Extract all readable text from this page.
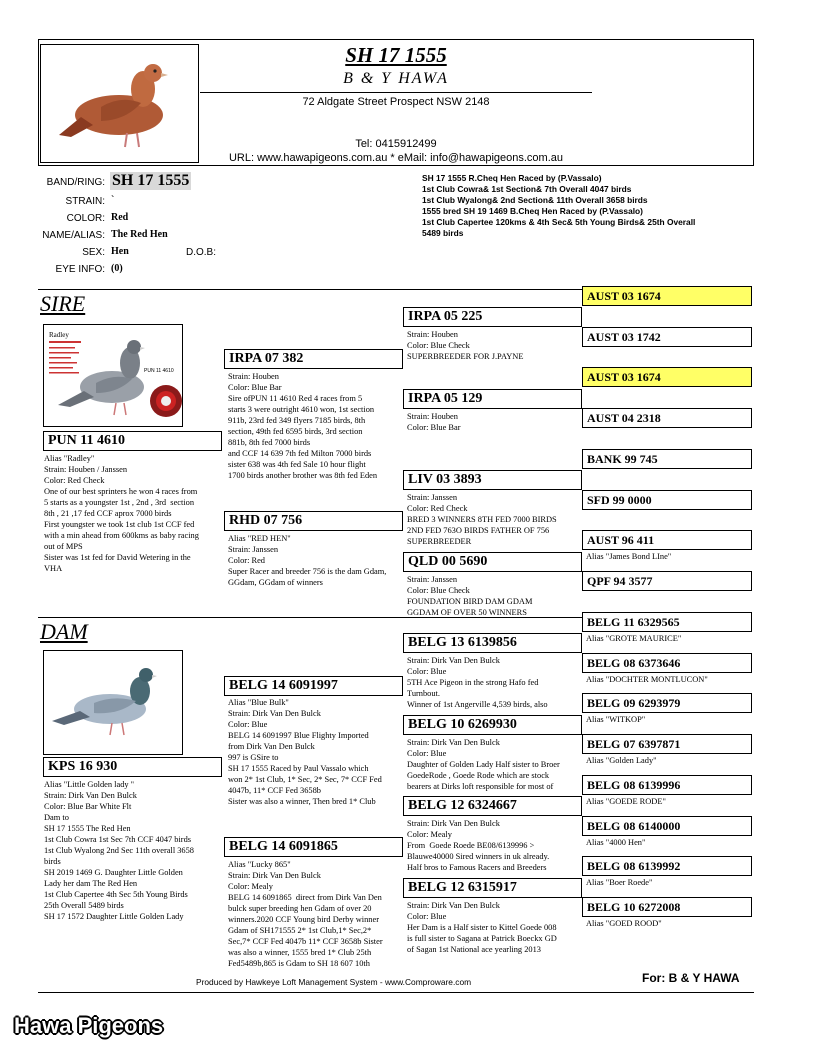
SH 17 1555
B & Y HAWA
72 Aldgate Street Prospect NSW 2148
Tel: 0415912499
URL: www.hawapigeons.com.au * eMail: info@hawapigeons.com.au
BAND/RING: SH 17 1555
STRAIN: `
COLOR: Red
NAME/ALIAS: The Red Hen
SEX: Hen	D.O.B:
EYE INFO: (0)
SH 17 1555 R.Cheq Hen Raced by (P.Vassalo)
1st Club Cowra& 1st Section& 7th Overall 4047 birds
1st Club Wyalong& 2nd Section& 11th Overall 3658 birds
1555 bred SH 19 1469 B.Cheq Hen Raced by (P.Vassalo)
1st Club Capertee 120kms & 4th Sec& 5th Young Birds& 25th Overall
5489 birds
SIRE
Radley
PUN 11 4610
PUN 11 4610
Alias "Radley"
Strain: Houben / Janssen
Color: Red Check
One of our best sprinters he won 4 races from
5 starts as a youngster 1st , 2nd , 3rd  section
8th , 21 ,17 fed CCF aprox 7000 birds
First youngster we took 1st club 1st CCF fed
with a min ahead from 600kms as baby racing
out of MPS
Sister was 1st fed for David Wetering in the
VHA
DAM
KPS 16 930
Alias "Little Golden lady "
Strain: Dirk Van Den Bulck
Color: Blue Bar White Flt
Dam to
SH 17 1555 The Red Hen
1st Club Cowra 1st Sec 7th CCF 4047 birds
1st Club Wyalong 2nd Sec 11th overall 3658
birds
SH 2019 1469 G. Daughter Little Golden
Lady her dam The Red Hen
1st Club Capertee 4th Sec 5th Young Birds
25th Overall 5489 birds
SH 17 1572 Daughter Little Golden Lady
IRPA 07 382
Strain: Houben
Color: Blue Bar
Sire ofPUN 11 4610 Red 4 races from 5
starts 3 were outright 4610 won, 1st section
911b, 23rd fed 349 flyers 7185 birds, 8th
section, 49th fed 6595 birds, 3rd section
881b, 8th fed 7000 birds
and CCF 14 639 7th fed Milton 7000 birds
sister 638 was 4th fed Sale 10 hour flight
1700 birds another brother was 8th fed Eden
RHD 07 756
Alias "RED HEN"
Strain: Janssen
Color: Red
Super Racer and breeder 756 is the dam Gdam,
GGdam, GGdam of winners
BELG 14 6091997
Alias "Blue Bulk"
Strain: Dirk Van Den Bulck
Color: Blue
BELG 14 6091997 Blue Flighty Imported
from Dirk Van Den Bulck
997 is GSire to
SH 17 1555 Raced by Paul Vassalo which
won 2* 1st Club, 1* Sec, 2* Sec, 7* CCF Fed
4047b, 11* CCF Fed 3658b
Sister was also a winner, Then bred 1* Club
BELG 14 6091865
Alias "Lucky 865"
Strain: Dirk Van Den Bulck
Color: Mealy
BELG 14 6091865  direct from Dirk Van Den
bulck super breeding hen Gdam of over 20
winners.2020 CCF Young bird Derby winner
Gdam of SH171555 2* 1st Club,1* Sec,2*
Sec,7* CCF Fed 4047b 11* CCF 3658b Sister
was also a winner, 1555 bred 1* Club 25th
Fed5489b,865 is Gdam to SH 18 607 10th
IRPA 05 225
Strain: Houben
Color: Blue Check
SUPERBREEDER FOR J.PAYNE
IRPA 05 129
Strain: Houben
Color: Blue Bar
LIV 03 3893
Strain: Janssen
Color: Red Check
BRED 3 WINNERS 8TH FED 7000 BIRDS
2ND FED 763O BIRDS FATHER OF 756
SUPERBREEDER
QLD 00 5690
Strain: Janssen
Color: Blue Check
FOUNDATION BIRD DAM GDAM
GGDAM OF OVER 50 WINNERS
BELG 13 6139856
Strain: Dirk Van Den Bulck
Color: Blue
5TH Ace Pigeon in the strong Hafo fed
Turnbout.
Winner of 1st Angerville 4,539 birds, also
BELG 10 6269930
Strain: Dirk Van Den Bulck
Color: Blue
Daughter of Golden Lady Half sister to Broer
GoedeRode , Goede Rode which are stock
bearers at Dirks loft responsible for most of
BELG 12 6324667
Strain: Dirk Van Den Bulck
Color: Mealy
From  Goede Roede BE08/6139996 >
Blauwe40000 Sired winners in uk already.
Half bros to Famous Racers and Breeders
BELG 12 6315917
Strain: Dirk Van Den Bulck
Color: Blue
Her Dam is a Half sister to Kittel Goede 008
is full sister to Sagana at Patrick Boeckx GD
of Sagan 1st National ace yearling 2013
AUST 03 1674
AUST 03 1742
AUST 03 1674
AUST 04 2318
BANK 99 745
SFD 99 0000
AUST 96 411
Alias "James Bond LIne"
QPF 94 3577
BELG 11 6329565
Alias "GROTE MAURICE"
BELG 08 6373646
Alias "DOCHTER MONTLUCON"
BELG 09 6293979
Alias "WITKOP"
BELG 07 6397871
Alias "Golden Lady"
BELG 08 6139996
Alias "GOEDE RODE"
BELG 08 6140000
Alias "4000 Hen"
BELG 08 6139992
Alias "Boer Roede"
BELG 10 6272008
Alias "GOED ROOD"
Produced by Hawkeye Loft Management System - www.Comproware.com	For: B & Y HAWA
Hawa Pigeons
